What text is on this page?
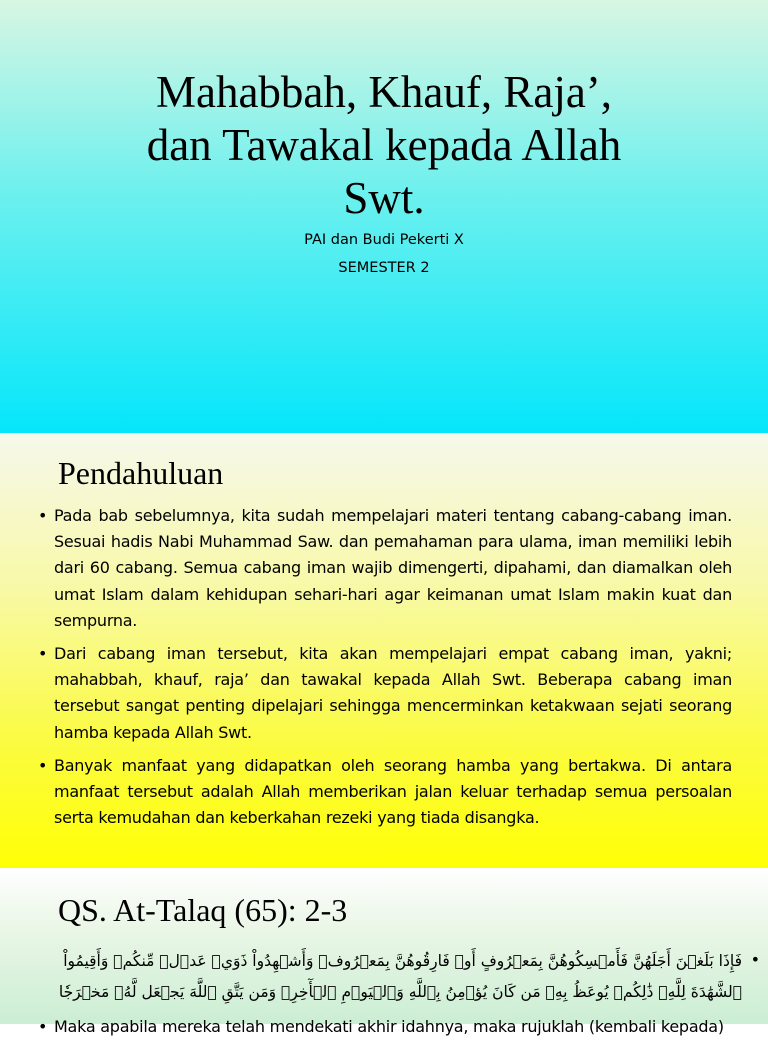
Mahabbah, Khauf, Raja’,
dan Tawakal kepada Allah
Swt.
PAI dan Budi Pekerti X
SEMESTER 2
Pendahuluan
• Pada bab sebelumnya, kita sudah mempelajari materi tentang cabang-cabang iman. Sesuai hadis Nabi Muhammad Saw. dan pemahaman para ulama, iman memiliki lebih dari 60 cabang. Semua cabang iman wajib dimengerti, dipahami, dan diamalkan oleh umat Islam dalam kehidupan sehari-hari agar keimanan umat Islam makin kuat dan sempurna.
• Dari cabang iman tersebut, kita akan mempelajari empat cabang iman, yakni; mahabbah, khauf, raja’ dan tawakal kepada Allah Swt. Beberapa cabang iman tersebut sangat penting dipelajari sehingga mencerminkan ketakwaan sejati seorang hamba kepada Allah Swt.
• Banyak manfaat yang didapatkan oleh seorang hamba yang bertakwa. Di antara manfaat tersebut adalah Allah memberikan jalan keluar terhadap semua persoalan serta kemudahan dan keberkahan rezeki yang tiada disangka.
QS. At-Talaq (65): 2-3
•
فَإِذَا بَلَغۡنَ أَجَلَهُنَّ فَأَمۡسِكُوهُنَّ بِمَعۡرُوفٍ أَوۡ فَارِقُوهُنَّ بِمَعۡرُوفٖ وَأَشۡهِدُواْ ذَوَيۡ عَدۡلٖ مِّنكُمۡ وَأَقِيمُواْ ٱلشَّهَٰدَةَ لِلَّهِۚ ذَٰلِكُمۡ يُوعَظُ بِهِۦ مَن كَانَ يُؤۡمِنُ بِٱللَّهِ وَٱلۡيَوۡمِ ٱلۡأٓخِرِۚ وَمَن يَتَّقِ ٱللَّهَ يَجۡعَل لَّهُۥ مَخۡرَجٗا
• Maka apabila mereka telah mendekati akhir idahnya, maka rujuklah (kembali kepada)
